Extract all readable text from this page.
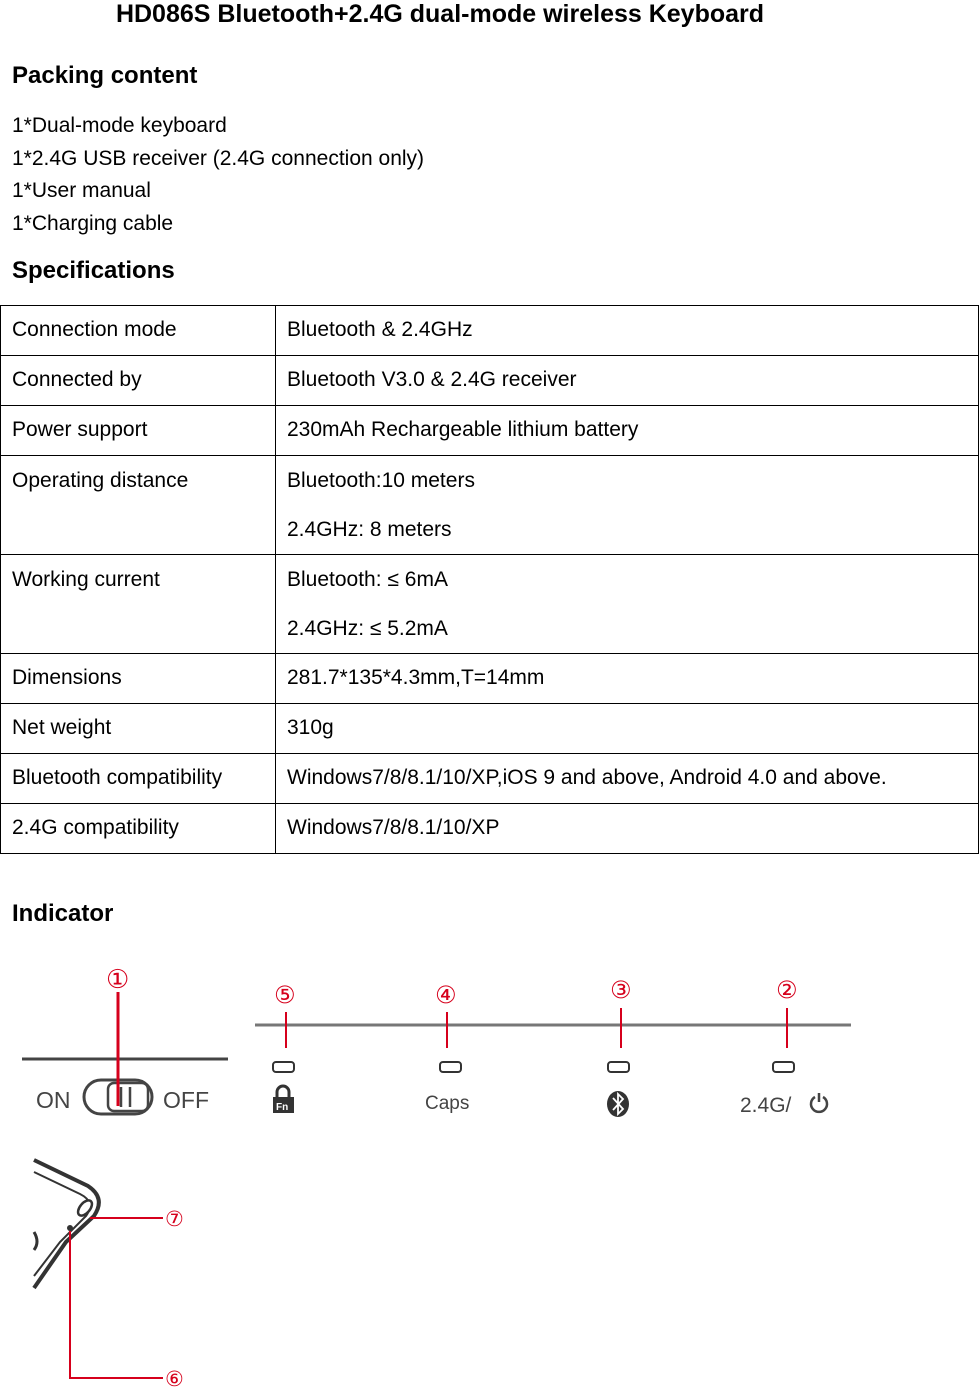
HD086S Bluetooth+2.4G dual-mode wireless Keyboard
Packing content
1*Dual-mode keyboard
1*2.4G USB receiver (2.4G connection only)
1*User manual
1*Charging cable
Specifications
Connection mode	Bluetooth & 2.4GHz
Connected by	Bluetooth V3.0 & 2.4G receiver
Power support	230mAh Rechargeable lithium battery
Operating distance	Bluetooth:10 meters
2.4GHz: 8 meters

Working current	Bluetooth: ≤ 6mA
2.4GHz: ≤ 5.2mA

Dimensions	281.7*135*4.3mm,T=14mm
Net weight	310g
Bluetooth compatibility	Windows7/8/8.1/10/XP,iOS 9 and above, Android 4.0 and above.
2.4G compatibility	Windows7/8/8.1/10/XP
Indicator
ON	OFF
①
⑤
Fn
④
Caps
③	②
2.4G/
⑦
⑥
